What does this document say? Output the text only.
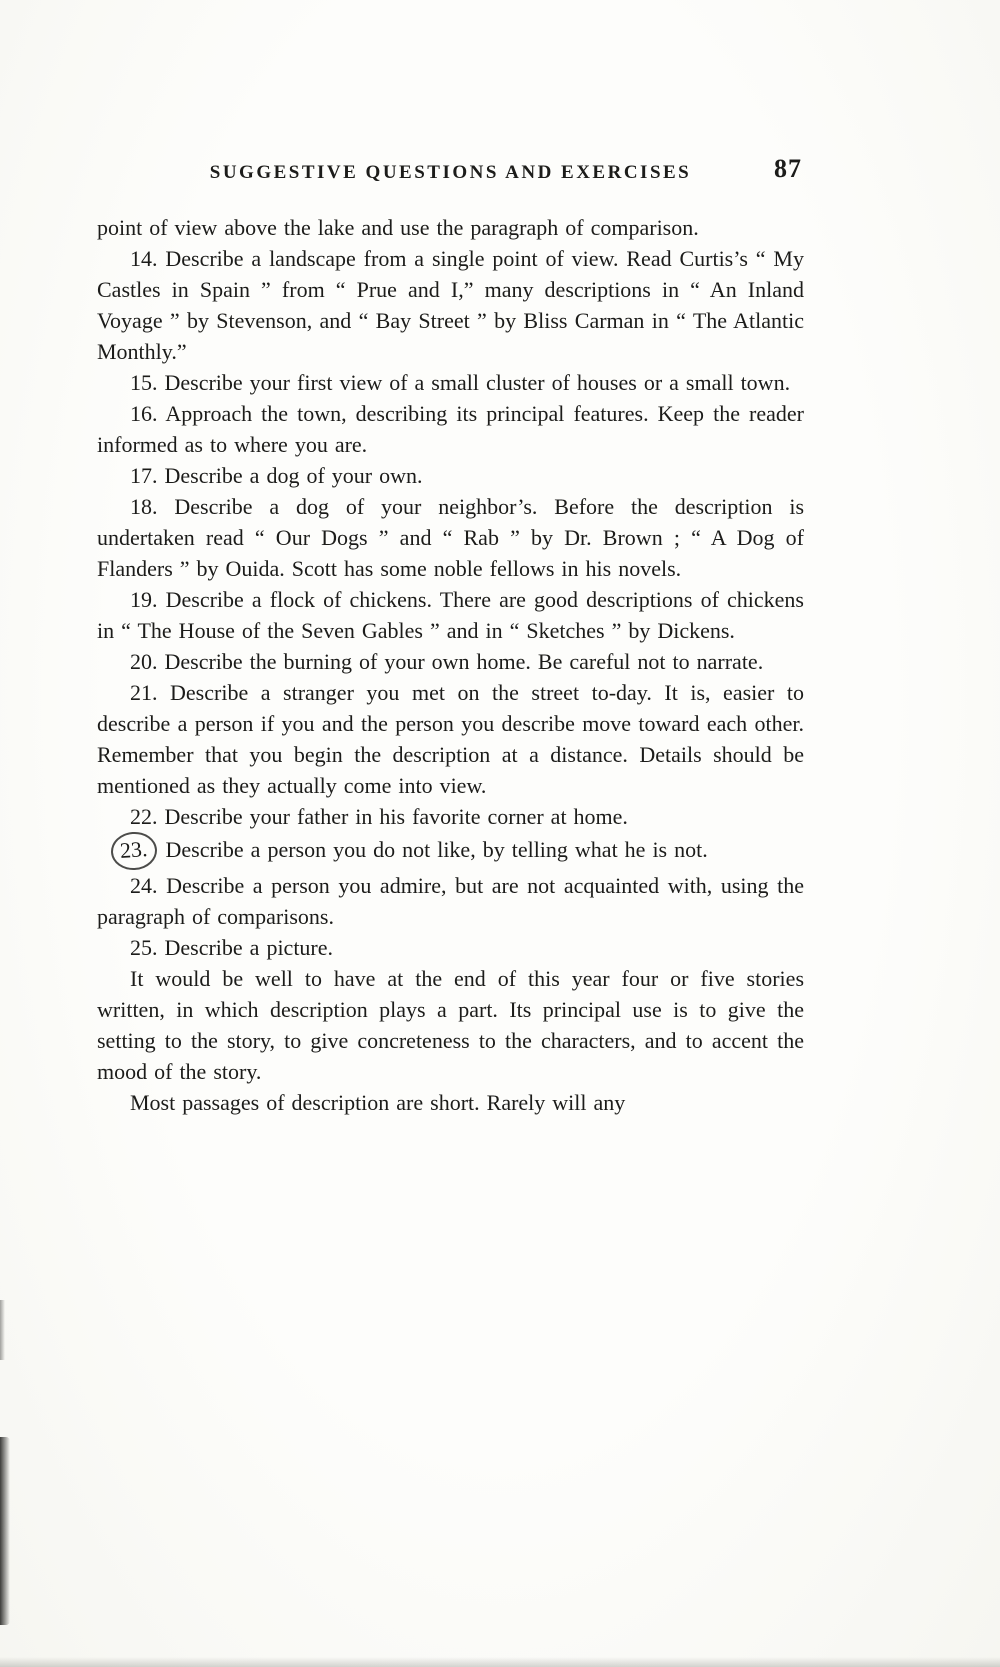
SUGGESTIVE QUESTIONS AND EXERCISES	87

point of view above the lake and use the paragraph of comparison.

14. Describe a landscape from a single point of view. Read Curtis’s “ My Castles in Spain ” from “ Prue and I,” many descriptions in “ An Inland Voyage ” by Stevenson, and “ Bay Street ” by Bliss Carman in “ The Atlantic Monthly.”

15. Describe your first view of a small cluster of houses or a small town.

16. Approach the town, describing its principal features. Keep the reader informed as to where you are.

17. Describe a dog of your own.

18. Describe a dog of your neighbor’s. Before the description is undertaken read “ Our Dogs ” and “ Rab ” by Dr. Brown ; “ A Dog of Flanders ” by Ouida. Scott has some noble fellows in his novels.

19. Describe a flock of chickens. There are good descriptions of chickens in “ The House of the Seven Gables ” and in “ Sketches ” by Dickens.

20. Describe the burning of your own home. Be careful not to narrate.

21. Describe a stranger you met on the street to-day. It is, easier to describe a person if you and the person you describe move toward each other. Remember that you begin the description at a distance. Details should be mentioned as they actually come into view.

22. Describe your father in his favorite corner at home.

23. Describe a person you do not like, by telling what he is not.

24. Describe a person you admire, but are not acquainted with, using the paragraph of comparisons.

25. Describe a picture.

It would be well to have at the end of this year four or five stories written, in which description plays a part. Its principal use is to give the setting to the story, to give concreteness to the characters, and to accent the mood of the story.

Most passages of description are short. Rarely will any
